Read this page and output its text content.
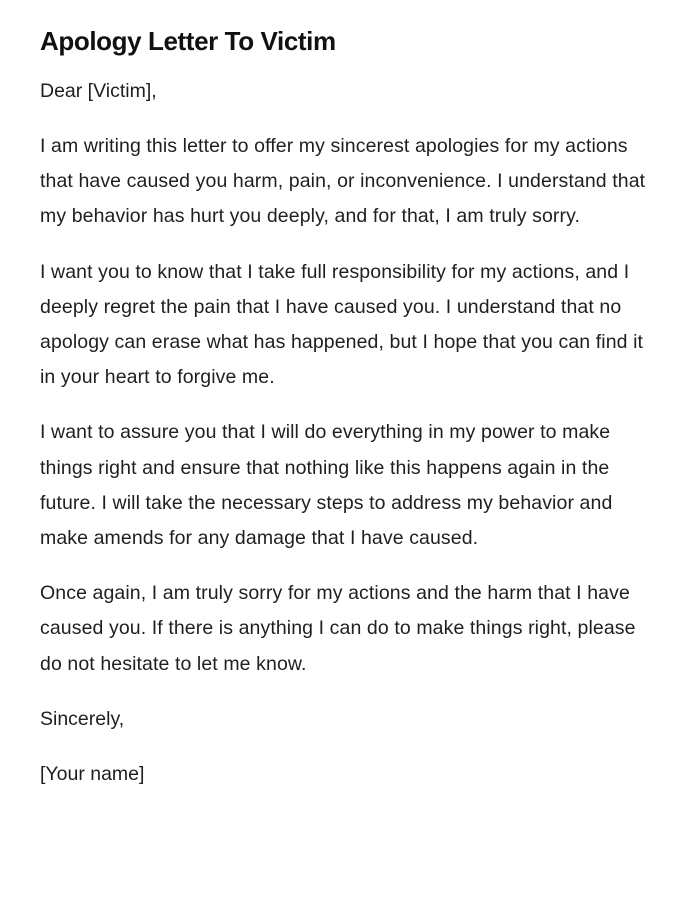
Apology Letter To Victim

Dear [Victim],

I am writing this letter to offer my sincerest apologies for my actions that have caused you harm, pain, or inconvenience. I understand that my behavior has hurt you deeply, and for that, I am truly sorry.

I want you to know that I take full responsibility for my actions, and I deeply regret the pain that I have caused you. I understand that no apology can erase what has happened, but I hope that you can find it in your heart to forgive me.

I want to assure you that I will do everything in my power to make things right and ensure that nothing like this happens again in the future. I will take the necessary steps to address my behavior and make amends for any damage that I have caused.

Once again, I am truly sorry for my actions and the harm that I have caused you. If there is anything I can do to make things right, please do not hesitate to let me know.

Sincerely,

[Your name]
